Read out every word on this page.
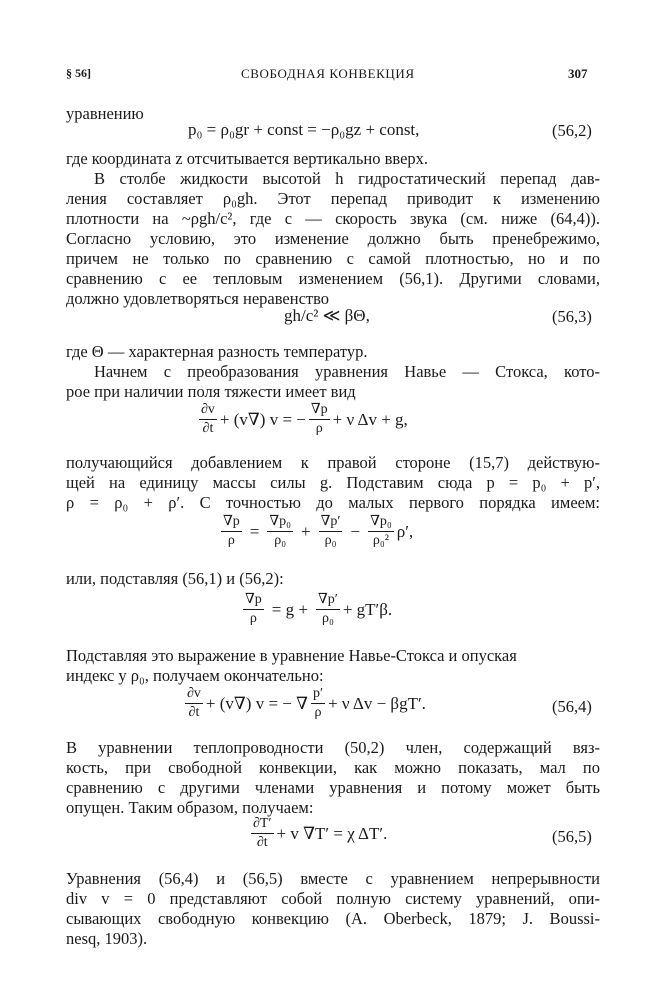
§ 56]	СВОБОДНАЯ КОНВЕКЦИЯ	307
уравнению
p₀ = ρ₀gr + const = −ρ₀gz + const,	(56,2)
где координата z отсчитывается вертикально вверх.
В столбе жидкости высотой h гидростатический перепад дав-
ления составляет ρ₀gh. Этот перепад приводит к изменению
плотности на ~ρgh/c², где c — скорость звука (см. ниже (64,4)).
Согласно условию, это изменение должно быть пренебрежимо,
причем не только по сравнению с самой плотностью, но и по
сравнению с ее тепловым изменением (56,1). Другими словами,
должно удовлетворяться неравенство
gh/c² ≪ βΘ,	(56,3)
где Θ — характерная разность температур.
Начнем с преобразования уравнения Навье — Стокса, кото-
рое при наличии поля тяжести имеет вид
$\frac{\partial v}{\partial t} + (v\nabla) v$ = − $\frac{\nabla p}{\rho} + \nu$ Δv + g,
получающийся добавлением к правой стороне (15,7) действую-
щей на единицу массы силы g. Подставим сюда p = p₀ + p′,
ρ = ρ₀ + ρ′. С точностью до малых первого порядка имеем:
$\frac{\nabla p}{\rho} = \frac{\text{∇p₀}}{\text{ρ₀}} + \frac{\nabla p'}{\text{ρ₀}} - \frac{\text{∇p₀}}{\text{ρ₀²}} \rho'$,
или, подставляя (56,1) и (56,2):
$\frac{\nabla p}{\rho} = g + \frac{\nabla p'}{\text{ρ₀}} + gT'\beta$.
Подставляя это выражение в уравнение Навье-Стокса и опуская
индекс у ρ₀, получаем окончательно:
$\frac{\partial v}{\partial t} + (v\nabla) v$ = − ∇ $\frac{p'}{\rho} + \nu$ Δv − βgT′.	(56,4)
В уравнении теплопроводности (50,2) член, содержащий вяз-
кость, при свободной конвекции, как можно показать, мал по
сравнению с другими членами уравнения и потому может быть
опущен. Таким образом, получаем:
$\frac{\partial T'}{\partial t} + v$ ∇T′ = χ ΔT′.	(56,5)
Уравнения (56,4) и (56,5) вместе с уравнением непрерывности
div v = 0 представляют собой полную систему уравнений, опи-
сывающих свободную конвекцию (A. Oberbeck, 1879; J. Boussi-
nesq, 1903).
